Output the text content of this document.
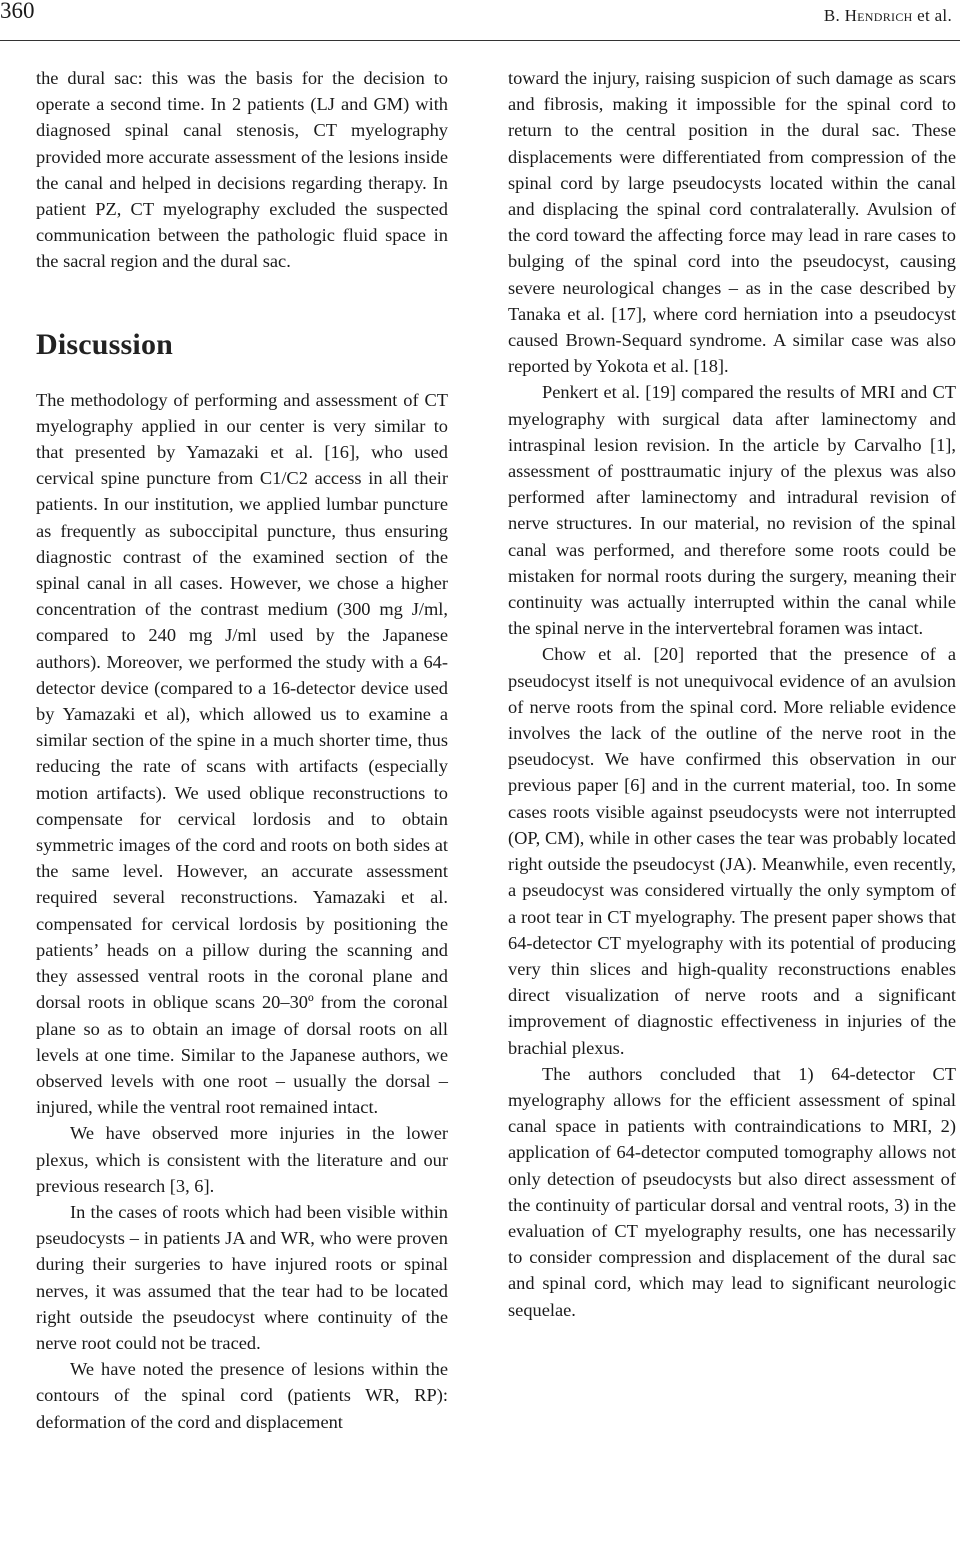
360	B. Hendrich et al.

the dural sac: this was the basis for the decision to operate a second time. In 2 patients (LJ and GM) with diagnosed spinal canal stenosis, CT myelography provided more accurate assessment of the lesions inside the canal and helped in decisions regarding therapy. In patient PZ, CT myelography excluded the suspected communication between the pathologic fluid space in the sacral region and the dural sac.

Discussion

The methodology of performing and assessment of CT myelography applied in our center is very similar to that presented by Yamazaki et al. [16], who used cervical spine puncture from C1/C2 access in all their patients. In our institution, we applied lumbar puncture as frequently as suboccipital puncture, thus ensuring diagnostic contrast of the examined section of the spinal canal in all cases. However, we chose a higher concentration of the contrast medium (300 mg J/ml, compared to 240 mg J/ml used by the Japanese authors). Moreover, we performed the study with a 64-detector device (compared to a 16-detector device used by Yamazaki et al), which allowed us to examine a similar section of the spine in a much shorter time, thus reducing the rate of scans with artifacts (especially motion artifacts). We used oblique reconstructions to compensate for cervical lordosis and to obtain symmetric images of the cord and roots on both sides at the same level. However, an accurate assessment required several reconstructions. Yamazaki et al. compensated for cervical lordosis by positioning the patients’ heads on a pillow during the scanning and they assessed ventral roots in the coronal plane and dorsal roots in oblique scans 20–30º from the coronal plane so as to obtain an image of dorsal roots on all levels at one time. Similar to the Japanese authors, we observed levels with one root – usually the dorsal – injured, while the ventral root remained intact.

We have observed more injuries in the lower plexus, which is consistent with the literature and our previous research [3, 6].

In the cases of roots which had been visible within pseudocysts – in patients JA and WR, who were proven during their surgeries to have injured roots or spinal nerves, it was assumed that the tear had to be located right outside the pseudocyst where continuity of the nerve root could not be traced.

We have noted the presence of lesions within the contours of the spinal cord (patients WR, RP): deformation of the cord and displacement

toward the injury, raising suspicion of such damage as scars and fibrosis, making it impossible for the spinal cord to return to the central position in the dural sac. These displacements were differentiated from compression of the spinal cord by large pseudocysts located within the canal and displacing the spinal cord contralaterally. Avulsion of the cord toward the affecting force may lead in rare cases to bulging of the spinal cord into the pseudocyst, causing severe neurological changes – as in the case described by Tanaka et al. [17], where cord herniation into a pseudocyst caused Brown-Sequard syndrome. A similar case was also reported by Yokota et al. [18].

Penkert et al. [19] compared the results of MRI and CT myelography with surgical data after laminectomy and intraspinal lesion revision. In the article by Carvalho [1], assessment of posttraumatic injury of the plexus was also performed after laminectomy and intradural revision of nerve structures. In our material, no revision of the spinal canal was performed, and therefore some roots could be mistaken for normal roots during the surgery, meaning their continuity was actually interrupted within the canal while the spinal nerve in the intervertebral foramen was intact.

Chow et al. [20] reported that the presence of a pseudocyst itself is not unequivocal evidence of an avulsion of nerve roots from the spinal cord. More reliable evidence involves the lack of the outline of the nerve root in the pseudocyst. We have confirmed this observation in our previous paper [6] and in the current material, too. In some cases roots visible against pseudocysts were not interrupted (OP, CM), while in other cases the tear was probably located right outside the pseudocyst (JA). Meanwhile, even recently, a pseudocyst was considered virtually the only symptom of a root tear in CT myelography. The present paper shows that 64-detector CT myelography with its potential of producing very thin slices and high-quality reconstructions enables direct visualization of nerve roots and a significant improvement of diagnostic effectiveness in injuries of the brachial plexus.

The authors concluded that 1) 64-detector CT myelography allows for the efficient assessment of spinal canal space in patients with contraindications to MRI, 2) application of 64-detector computed tomography allows not only detection of pseudocysts but also direct assessment of the continuity of particular dorsal and ventral roots, 3) in the evaluation of CT myelography results, one has necessarily to consider compression and displacement of the dural sac and spinal cord, which may lead to significant neurologic sequelae.
